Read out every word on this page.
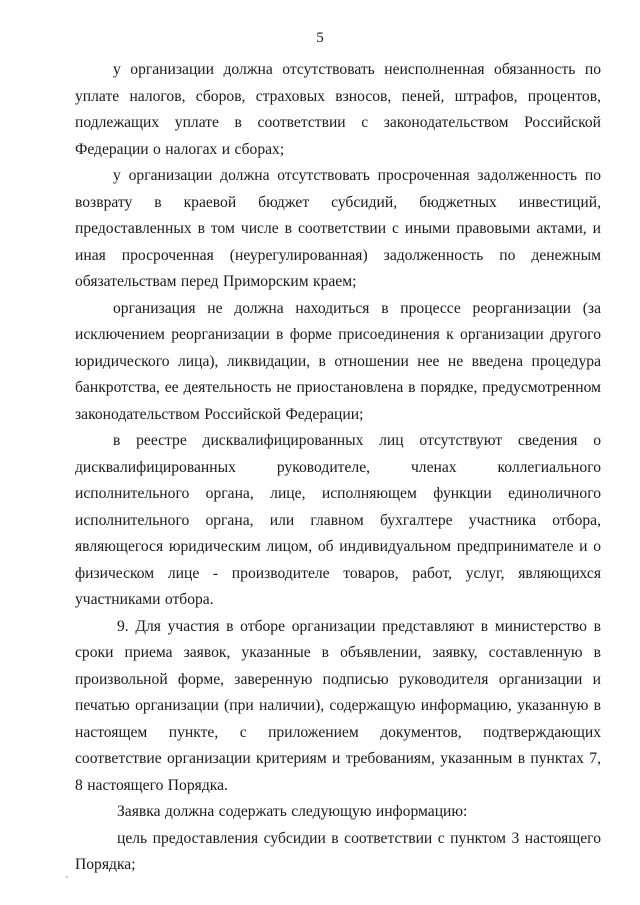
5

у организации должна отсутствовать неисполненная обязанность по уплате налогов, сборов, страховых взносов, пеней, штрафов, процентов, подлежащих уплате в соответствии с законодательством Российской Федерации о налогах и сборах;

у организации должна отсутствовать просроченная задолженность по возврату в краевой бюджет субсидий, бюджетных инвестиций, предоставленных в том числе в соответствии с иными правовыми актами, и иная просроченная (неурегулированная) задолженность по денежным обязательствам перед Приморским краем;

организация не должна находиться в процессе реорганизации (за исключением реорганизации в форме присоединения к организации другого юридического лица), ликвидации, в отношении нее не введена процедура банкротства, ее деятельность не приостановлена в порядке, предусмотренном законодательством Российской Федерации;

в реестре дисквалифицированных лиц отсутствуют сведения о дисквалифицированных руководителе, членах коллегиального исполнительного органа, лице, исполняющем функции единоличного исполнительного органа, или главном бухгалтере участника отбора, являющегося юридическим лицом, об индивидуальном предпринимателе и о физическом лице - производителе товаров, работ, услуг, являющихся участниками отбора.

9. Для участия в отборе организации представляют в министерство в сроки приема заявок, указанные в объявлении, заявку, составленную в произвольной форме, заверенную подписью руководителя организации и печатью организации (при наличии), содержащую информацию, указанную в настоящем пункте, с приложением документов, подтверждающих соответствие организации критериям и требованиям, указанным в пунктах 7, 8 настоящего Порядка.

Заявка должна содержать следующую информацию:

цель предоставления субсидии в соответствии с пунктом 3 настоящего Порядка;
